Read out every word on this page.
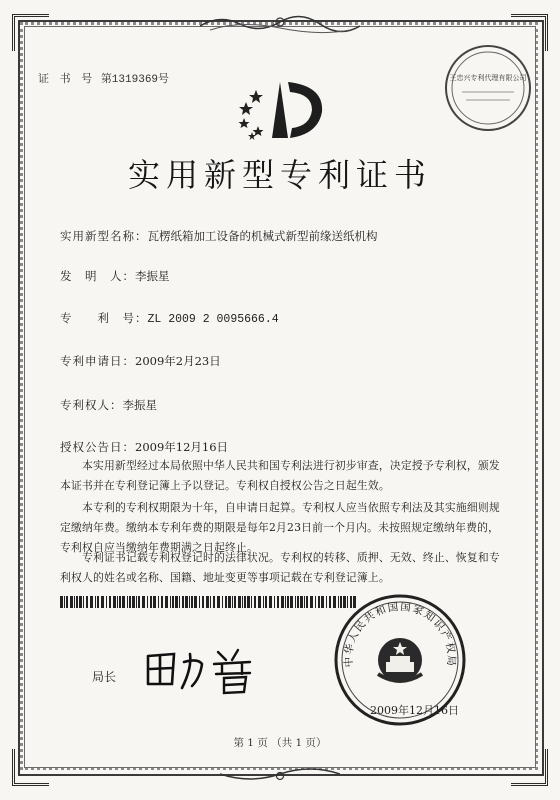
证 书 号 第1319369号	王忠兴专利代理有限公司
实用新型专利证书
实用新型名称：瓦楞纸箱加工设备的机械式新型前缘送纸机构
发　明　人：李振星
专　　利　号：ZL 2009 2 0095666.4
专利申请日：2009年2月23日
专利权人：李振星
授权公告日：2009年12月16日
本实用新型经过本局依照中华人民共和国专利法进行初步审查，决定授予专利权，颁发本证书并在专利登记簿上予以登记。专利权自授权公告之日起生效。
本专利的专利权期限为十年，自申请日起算。专利权人应当依照专利法及其实施细则规定缴纳年费。缴纳本专利年费的期限是每年2月23日前一个月内。未按照规定缴纳年费的，专利权自应当缴纳年费期满之日起终止。
专利证书记载专利权登记时的法律状况。专利权的转移、质押、无效、终止、恢复和专利权人的姓名或名称、国籍、地址变更等事项记载在专利登记簿上。
局长
中华人民共和国国家知识产权局
2009年12月16日
第 1 页 （共 1 页）
